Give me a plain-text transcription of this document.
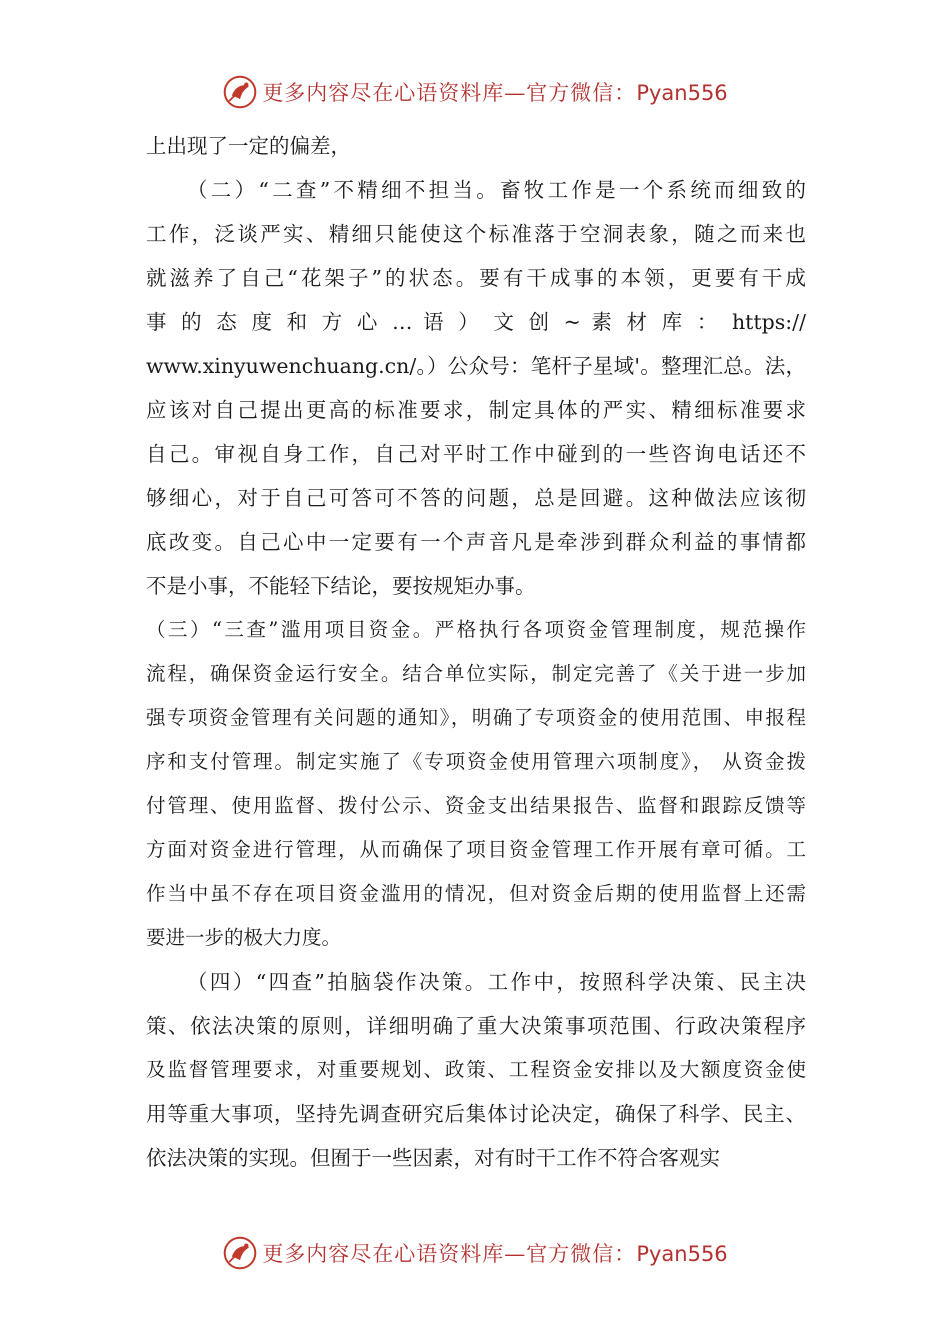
更多内容尽在心语资料库—官方微信：Pyan556

上出现了一定的偏差，

（二）“二查”不精细不担当。畜牧工作是一个系统而细致的
工作，泛谈严实、精细只能使这个标准落于空洞表象，随之而来也
就滋养了自己“花架子”的状态。要有干成事的本领，更要有干成
事 的 态 度 和 方 心 … 语 ） 文 创 ~ 素 材 库 ： https://
www.xinyuwenchuang.cn/。）公众号：笔杆子星域'。整理汇总。法，
应该对自己提出更高的标准要求，制定具体的严实、精细标准要求
自己。审视自身工作，自己对平时工作中碰到的一些咨询电话还不
够细心，对于自己可答可不答的问题，总是回避。这种做法应该彻
底改变。自己心中一定要有一个声音凡是牵涉到群众利益的事情都
不是小事，不能轻下结论，要按规矩办事。

（三）“三查”滥用项目资金。严格执行各项资金管理制度，规范操作
流程，确保资金运行安全。结合单位实际，制定完善了《关于进一步加
强专项资金管理有关问题的通知》，明确了专项资金的使用范围、申报程
序和支付管理。制定实施了《专项资金使用管理六项制度》， 从资金拨
付管理、使用监督、拨付公示、资金支出结果报告、监督和跟踪反馈等
方面对资金进行管理，从而确保了项目资金管理工作开展有章可循。工
作当中虽不存在项目资金滥用的情况，但对资金后期的使用监督上还需
要进一步的极大力度。

（四）“四查”拍脑袋作决策。工作中，按照科学决策、民主决
策、依法决策的原则，详细明确了重大决策事项范围、行政决策程序
及监督管理要求，对重要规划、政策、工程资金安排以及大额度资金使
用等重大事项，坚持先调查研究后集体讨论决定，确保了科学、民主、
依法决策的实现。但囿于一些因素，对有时干工作不符合客观实

更多内容尽在心语资料库—官方微信：Pyan556
